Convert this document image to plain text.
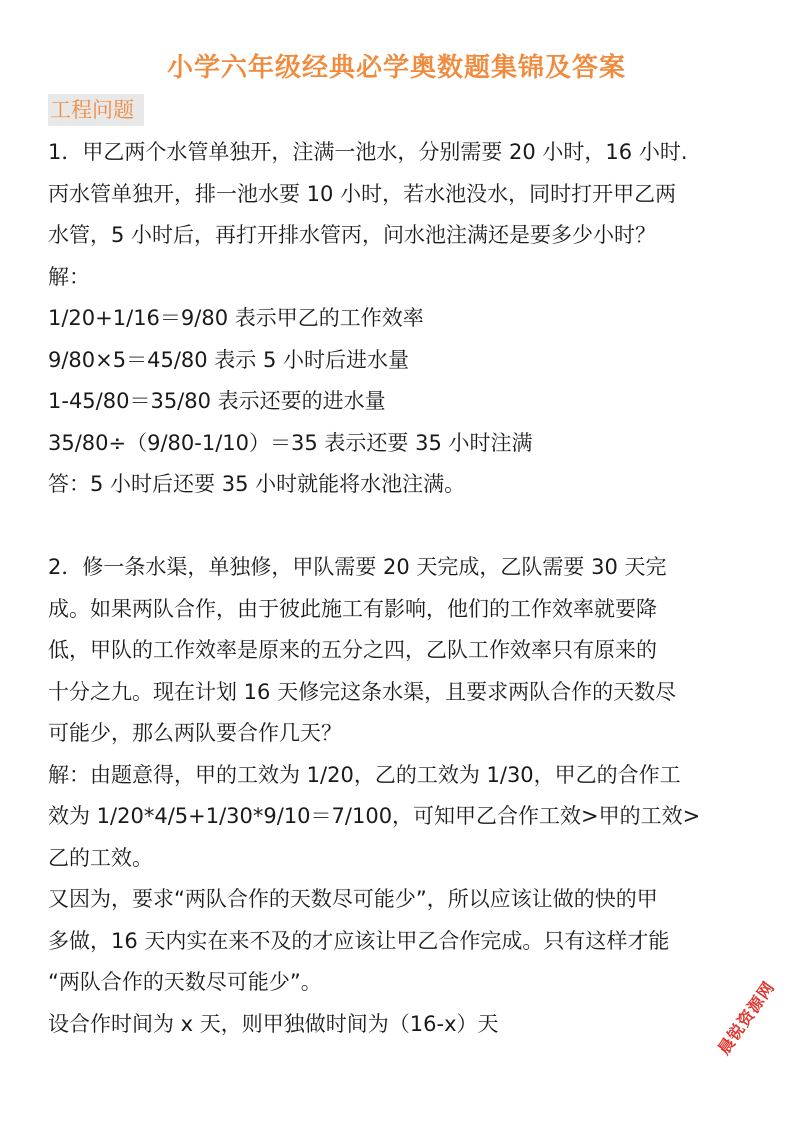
小学六年级经典必学奥数题集锦及答案
工程问题
1．甲乙两个水管单独开，注满一池水，分别需要 20 小时，16 小时.
丙水管单独开，排一池水要 10 小时，若水池没水，同时打开甲乙两
水管，5 小时后，再打开排水管丙，问水池注满还是要多少小时？
解：
1/20+1/16＝9/80 表示甲乙的工作效率
9/80×5＝45/80 表示 5 小时后进水量
1-45/80＝35/80 表示还要的进水量
35/80÷（9/80-1/10）＝35 表示还要 35 小时注满
答：5 小时后还要 35 小时就能将水池注满。
2．修一条水渠，单独修，甲队需要 20 天完成，乙队需要 30 天完
成。如果两队合作，由于彼此施工有影响，他们的工作效率就要降
低，甲队的工作效率是原来的五分之四，乙队工作效率只有原来的
十分之九。现在计划 16 天修完这条水渠，且要求两队合作的天数尽
可能少，那么两队要合作几天？
解：由题意得，甲的工效为 1/20，乙的工效为 1/30，甲乙的合作工
效为 1/20*4/5+1/30*9/10＝7/100，可知甲乙合作工效>甲的工效>
乙的工效。
又因为，要求“两队合作的天数尽可能少”，所以应该让做的快的甲
多做，16 天内实在来不及的才应该让甲乙合作完成。只有这样才能
“两队合作的天数尽可能少”。
设合作时间为 x 天，则甲独做时间为（16-x）天	晨锐资源网
